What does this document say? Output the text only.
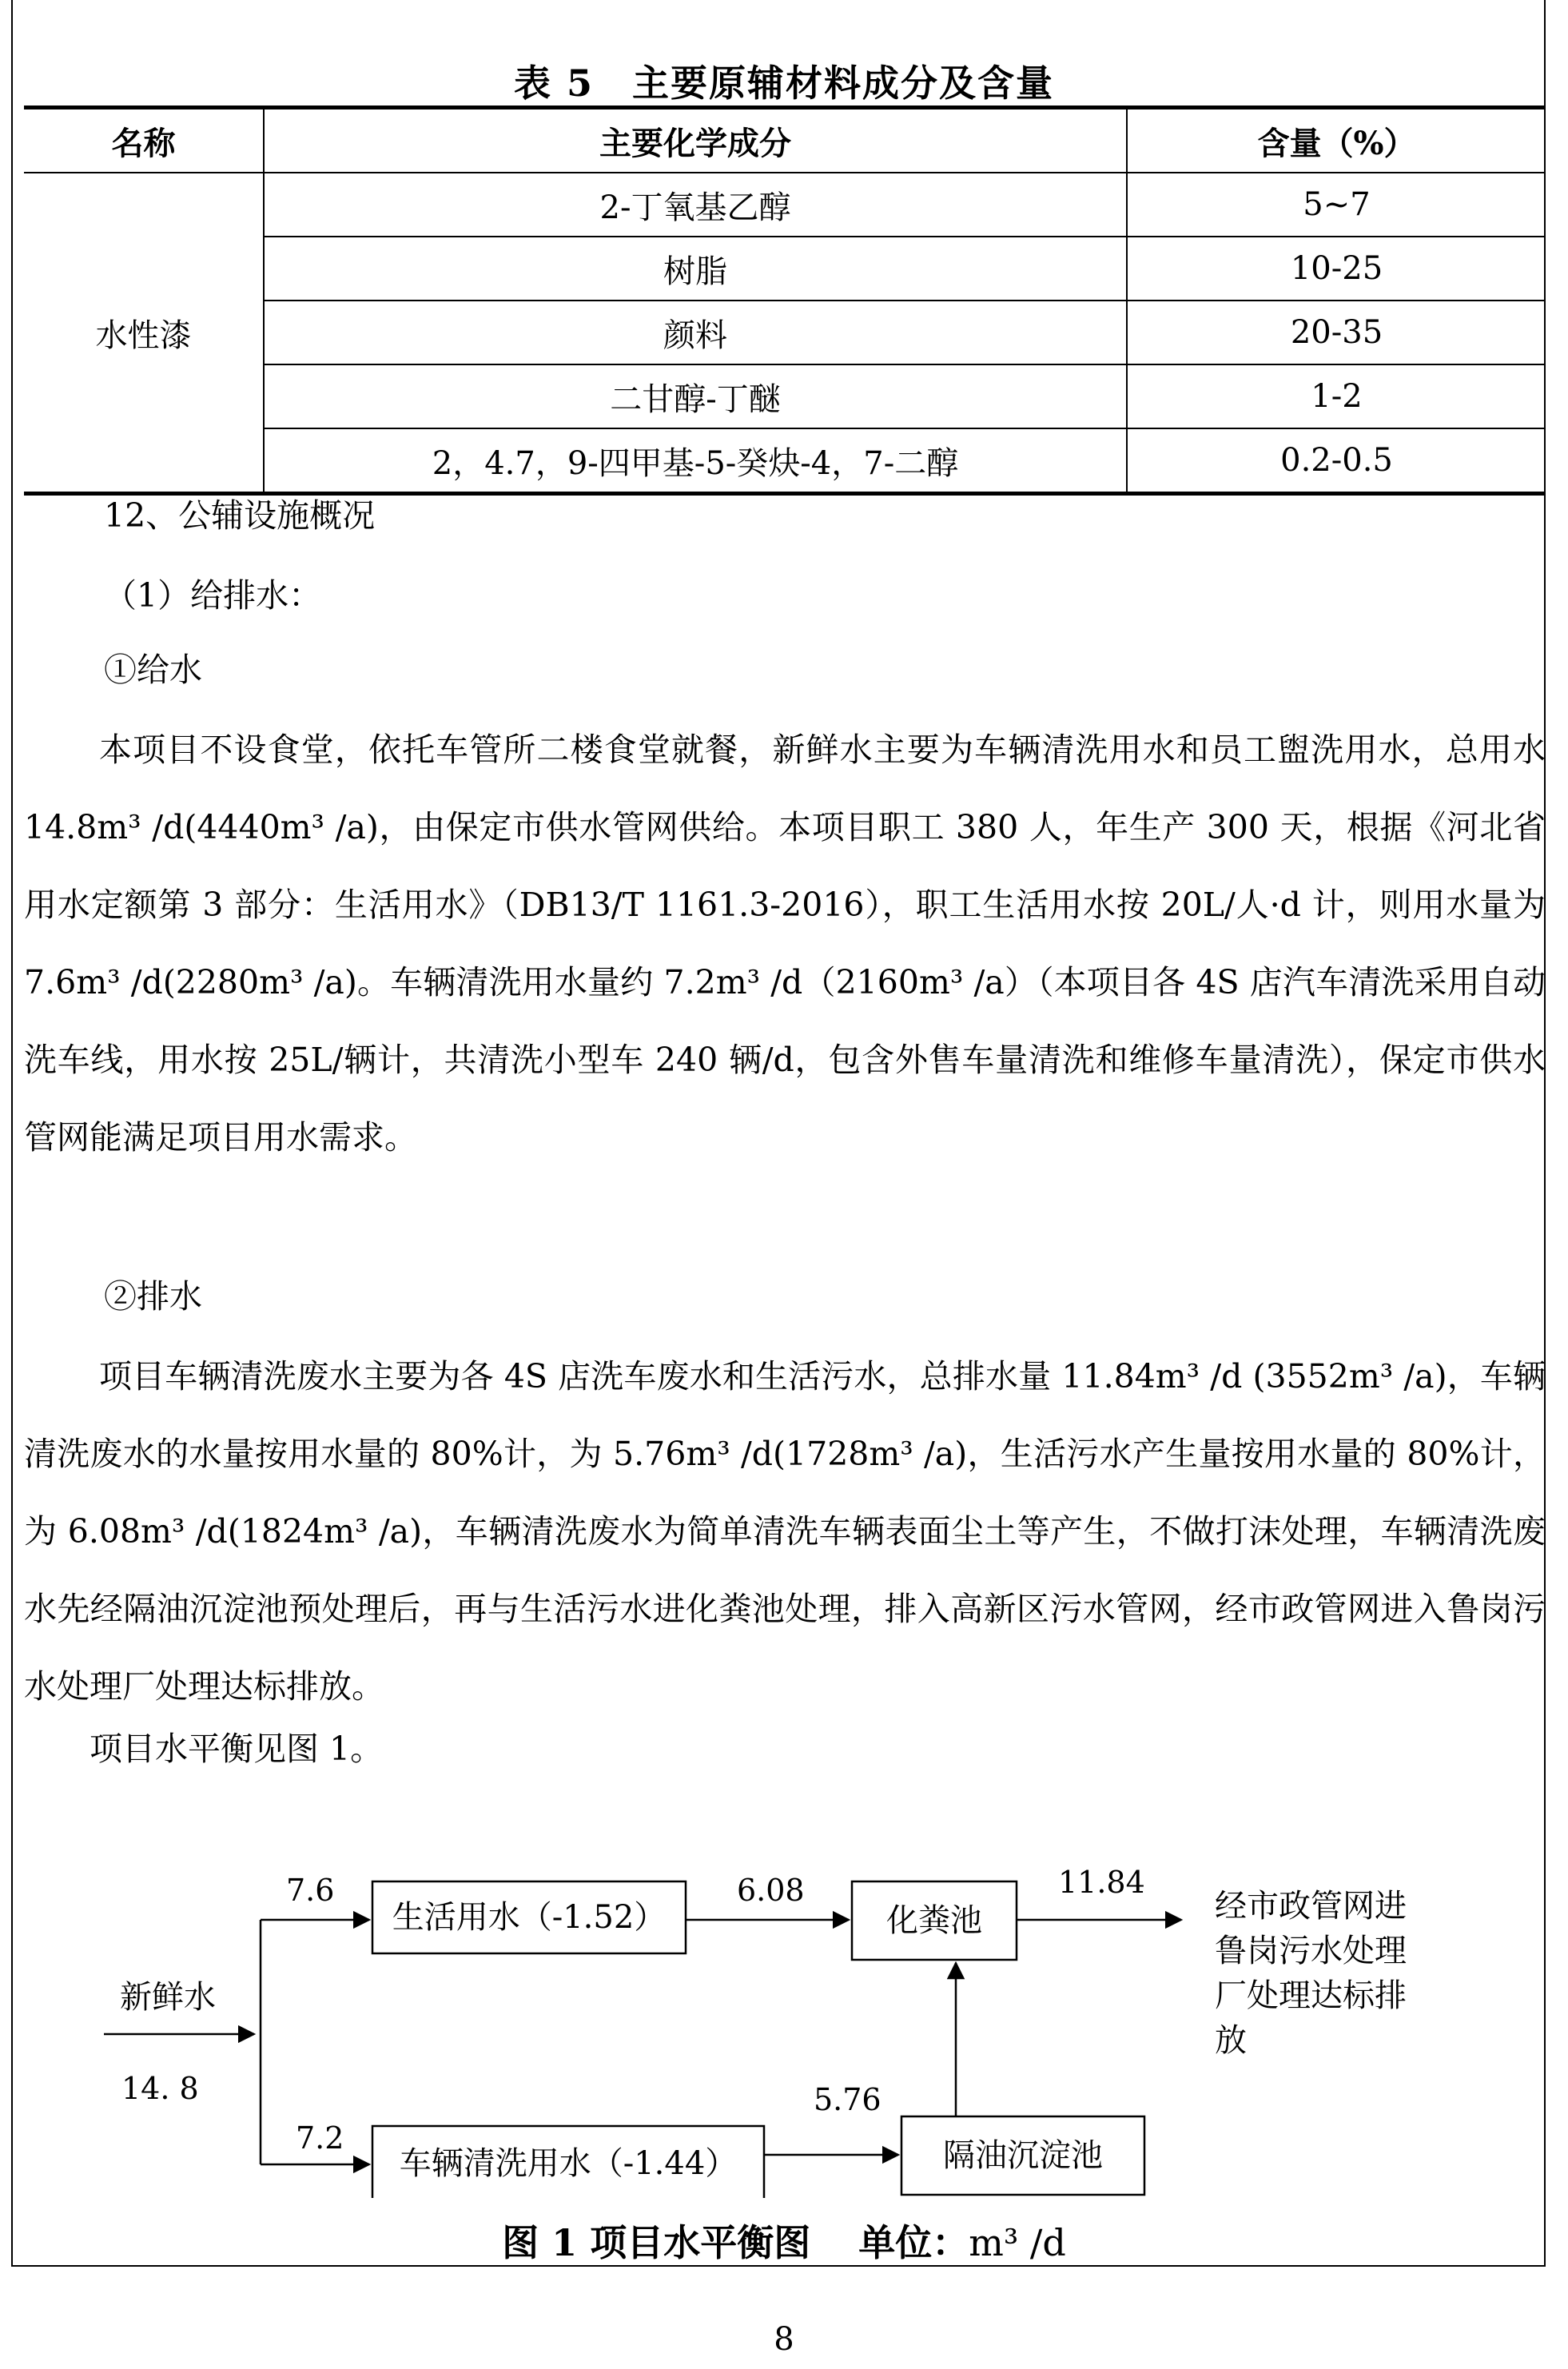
表 5　主要原辅材料成分及含量
名称	主要化学成分	含量（%）
水性漆	2-丁氧基乙醇	5~7
	树脂	10-25
	颜料	20-35
	二甘醇-丁醚	1-2
	2，4.7，9-四甲基-5-癸炔-4，7-二醇	0.2-0.5

12、公辅设施概况

（1）给排水：

①给水

本项目不设食堂，依托车管所二楼食堂就餐，新鲜水主要为车辆清洗用水和员工盥洗用水，总用水 14.8m³ /d(4440m³ /a)，由保定市供水管网供给。本项目职工 380 人，年生产 300 天，根据《河北省用水定额第 3 部分：生活用水》（DB13/T 1161.3-2016），职工生活用水按 20L/人·d 计，则用水量为 7.6m³ /d(2280m³ /a)。车辆清洗用水量约 7.2m³ /d（2160m³ /a）（本项目各 4S 店汽车清洗采用自动洗车线，用水按 25L/辆计，共清洗小型车 240 辆/d，包含外售车量清洗和维修车量清洗），保定市供水管网能满足项目用水需求。

②排水

项目车辆清洗废水主要为各 4S 店洗车废水和生活污水，总排水量 11.84m³ /d (3552m³ /a)，车辆清洗废水的水量按用水量的 80%计，为 5.76m³ /d(1728m³ /a)，生活污水产生量按用水量的 80%计，为 6.08m³ /d(1824m³ /a)，车辆清洗废水为简单清洗车辆表面尘土等产生，不做打沫处理，车辆清洗废水先经隔油沉淀池预处理后，再与生活污水进化粪池处理，排入高新区污水管网，经市政管网进入鲁岗污水处理厂处理达标排放。

项目水平衡见图 1。

新鲜水
14. 8
7.6
生活用水（-1.52）
6.08
化粪池
11.84
经市政管网进
鲁岗污水处理
厂处理达标排
放
7.2
车辆清洗用水（-1.44）
5.76
隔油沉淀池
图 1 项目水平衡图 单位：m³ /d
8
